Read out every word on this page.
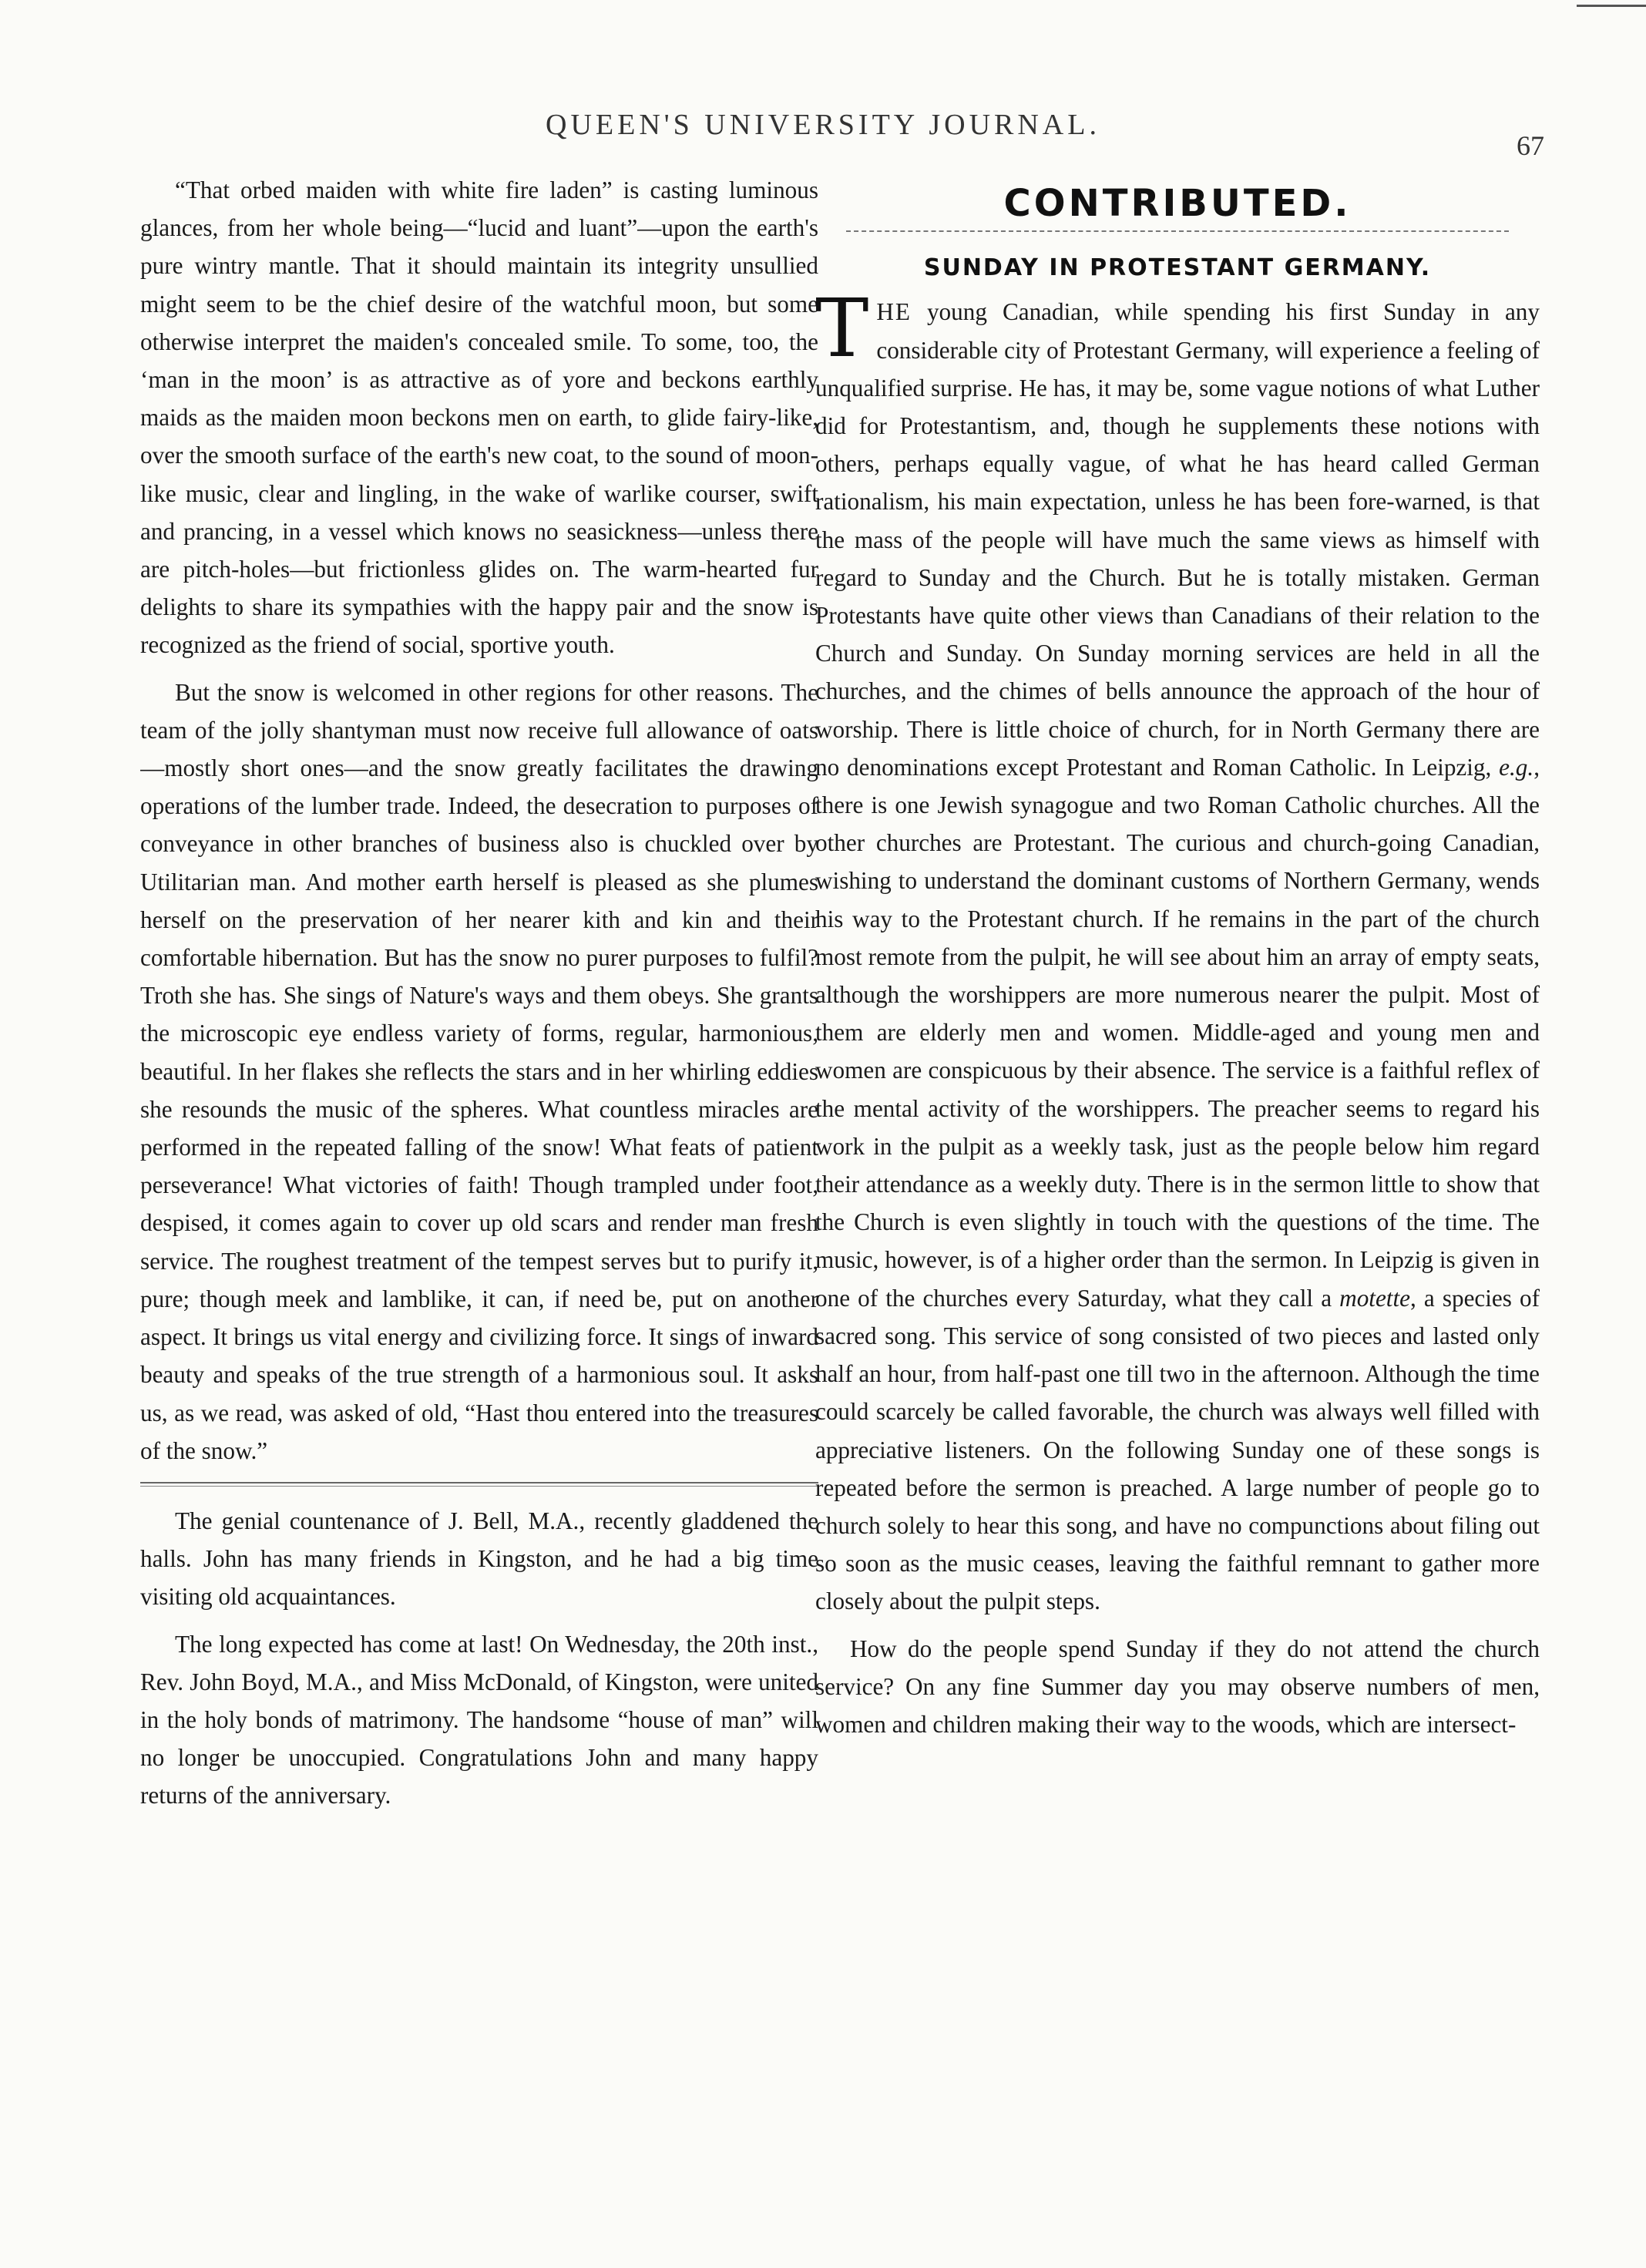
QUEEN'S UNIVERSITY JOURNAL.
67

“That orbed maiden with white fire laden” is casting luminous glances, from her whole being—“lucid and luant”—upon the earth's pure wintry mantle. That it should maintain its integrity unsullied might seem to be the chief desire of the watchful moon, but some otherwise interpret the maiden's concealed smile. To some, too, the ‘man in the moon’ is as attractive as of yore and beckons earthly maids as the maiden moon beckons men on earth, to glide fairy-like, over the smooth surface of the earth's new coat, to the sound of moon-like music, clear and lingling, in the wake of warlike courser, swift and prancing, in a vessel which knows no seasickness—unless there are pitch-holes—but frictionless glides on. The warm-hearted fur delights to share its sympathies with the happy pair and the snow is recognized as the friend of social, sportive youth.

But the snow is welcomed in other regions for other reasons. The team of the jolly shantyman must now receive full allowance of oats—mostly short ones—and the snow greatly facilitates the drawing operations of the lumber trade. Indeed, the desecration to purposes of conveyance in other branches of business also is chuckled over by Utilitarian man. And mother earth herself is pleased as she plumes herself on the preservation of her nearer kith and kin and their comfortable hibernation. But has the snow no purer purposes to fulfil? Troth she has. She sings of Nature's ways and them obeys. She grants the microscopic eye endless variety of forms, regular, harmonious, beautiful. In her flakes she reflects the stars and in her whirling eddies she resounds the music of the spheres. What countless miracles are performed in the repeated falling of the snow! What feats of patient perseverance! What victories of faith! Though trampled under foot, despised, it comes again to cover up old scars and render man fresh service. The roughest treatment of the tempest serves but to purify it, pure; though meek and lamblike, it can, if need be, put on another aspect. It brings us vital energy and civilizing force. It sings of inward beauty and speaks of the true strength of a harmonious soul. It asks us, as we read, was asked of old, “Hast thou entered into the treasures of the snow.”

The genial countenance of J. Bell, M.A., recently gladdened the halls. John has many friends in Kingston, and he had a big time visiting old acquaintances.

The long expected has come at last! On Wednesday, the 20th inst., Rev. John Boyd, M.A., and Miss McDonald, of Kingston, were united in the holy bonds of matrimony. The handsome “house of man” will no longer be unoccupied. Congratulations John and many happy returns of the anniversary.

CONTRIBUTED.
SUNDAY IN PROTESTANT GERMANY.

THE young Canadian, while spending his first Sunday in any considerable city of Protestant Germany, will experience a feeling of unqualified surprise. He has, it may be, some vague notions of what Luther did for Protestantism, and, though he supplements these notions with others, perhaps equally vague, of what he has heard called German rationalism, his main expectation, unless he has been fore-warned, is that the mass of the people will have much the same views as himself with regard to Sunday and the Church. But he is totally mistaken. German Protestants have quite other views than Canadians of their relation to the Church and Sunday. On Sunday morning services are held in all the churches, and the chimes of bells announce the approach of the hour of worship. There is little choice of church, for in North Germany there are no denominations except Protestant and Roman Catholic. In Leipzig, e.g., there is one Jewish synagogue and two Roman Catholic churches. All the other churches are Protestant. The curious and church-going Canadian, wishing to understand the dominant customs of Northern Germany, wends his way to the Protestant church. If he remains in the part of the church most remote from the pulpit, he will see about him an array of empty seats, although the worshippers are more numerous nearer the pulpit. Most of them are elderly men and women. Middle-aged and young men and women are conspicuous by their absence. The service is a faithful reflex of the mental activity of the worshippers. The preacher seems to regard his work in the pulpit as a weekly task, just as the people below him regard their attendance as a weekly duty. There is in the sermon little to show that the Church is even slightly in touch with the questions of the time. The music, however, is of a higher order than the sermon. In Leipzig is given in one of the churches every Saturday, what they call a motette, a species of sacred song. This service of song consisted of two pieces and lasted only half an hour, from half-past one till two in the afternoon. Although the time could scarcely be called favorable, the church was always well filled with appreciative listeners. On the following Sunday one of these songs is repeated before the sermon is preached. A large number of people go to church solely to hear this song, and have no compunctions about filing out so soon as the music ceases, leaving the faithful remnant to gather more closely about the pulpit steps.

How do the people spend Sunday if they do not attend the church service? On any fine Summer day you may observe numbers of men, women and children making their way to the woods, which are intersect-
